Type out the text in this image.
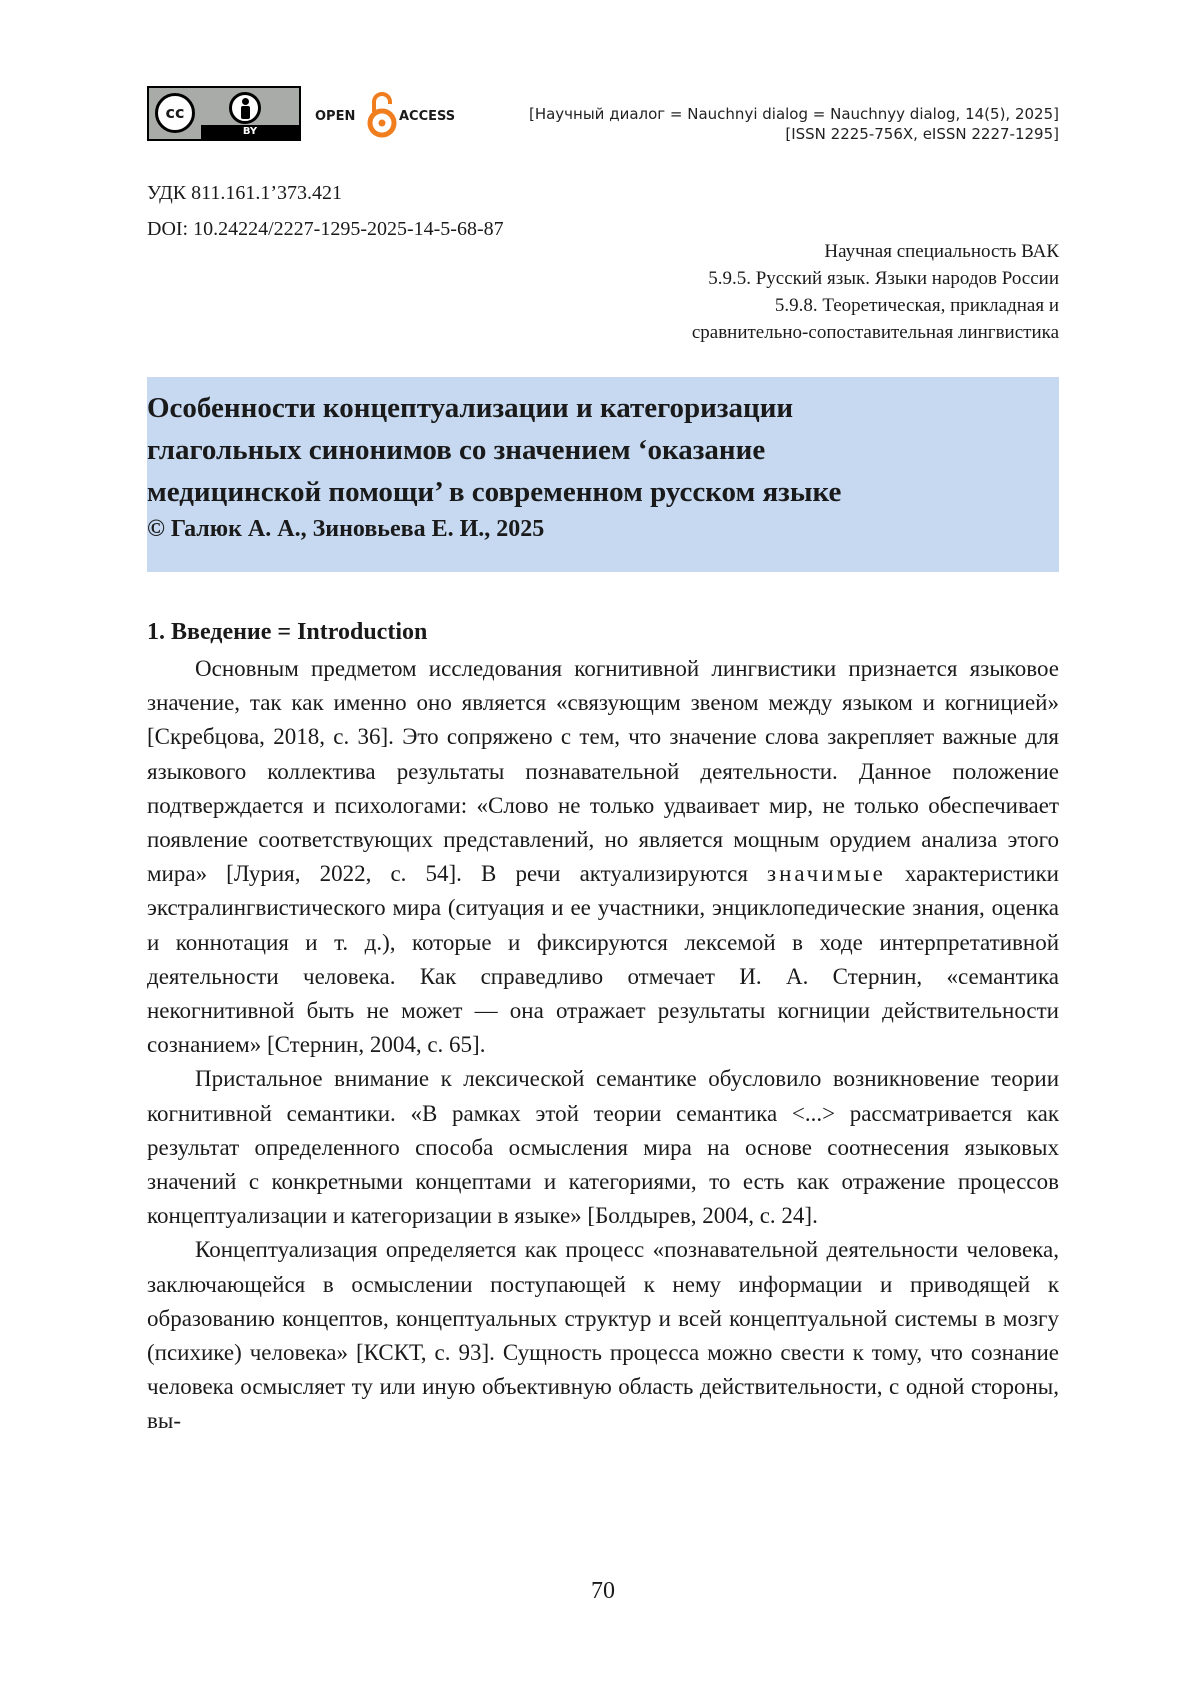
cc
BY
OPEN	ACCESS	[Научный диалог = Nauchnyi dialog = Nauchnyy dialog, 14(5), 2025]
[ISSN 2225-756X, eISSN 2227-1295]
УДК 811.161.1’373.421
DOI: 10.24224/2227-1295-2025-14-5-68-87
Научная специальность ВАК
5.9.5. Русский язык. Языки народов России
5.9.8. Теоретическая, прикладная и
сравнительно-сопоставительная лингвистика
Особенности концептуализации и категоризации
глагольных синонимов со значением ‘оказание
медицинской помощи’ в современном русском языке
© Галюк А. А., Зиновьева Е. И., 2025
1. Введение = Introduction

Основным предметом исследования когнитивной лингвистики признается языковое значение, так как именно оно является «связующим звеном между языком и когницией» [Скребцова, 2018, с. 36]. Это сопряжено с тем, что значение слова закрепляет важные для языкового коллектива результаты познавательной деятельности. Данное положение подтверждается и психологами: «Слово не только удваивает мир, не только обеспечивает появление соответствующих представлений, но является мощным орудием анализа этого мира» [Лурия, 2022, с. 54]. В речи актуализируются значимые характеристики экстралингвистического мира (ситуация и ее участники, энциклопедические знания, оценка и коннотация и т. д.), которые и фиксируются лексемой в ходе интерпретативной деятельности человека. Как справедливо отмечает И. А. Стернин, «семантика некогнитивной быть не может — она отражает результаты когниции действительности сознанием» [Стернин, 2004, с. 65].

Пристальное внимание к лексической семантике обусловило возникновение теории когнитивной семантики. «В рамках этой теории семантика <...> рассматривается как результат определенного способа осмысления мира на основе соотнесения языковых значений с конкретными концептами и категориями, то есть как отражение процессов концептуализации и категоризации в языке» [Болдырев, 2004, с. 24].

Концептуализация определяется как процесс «познавательной деятельности человека, заключающейся в осмыслении поступающей к нему информации и приводящей к образованию концептов, концептуальных структур и всей концептуальной системы в мозгу (психике) человека» [КСКТ, с. 93]. Сущность процесса можно свести к тому, что сознание человека осмысляет ту или иную объективную область действительности, с одной стороны, вы-

70
